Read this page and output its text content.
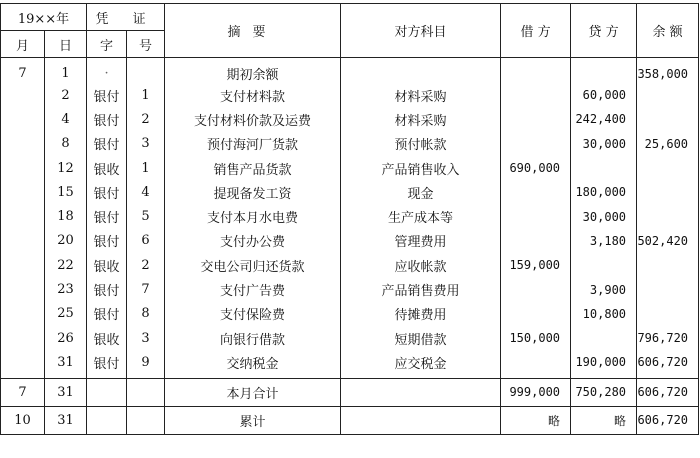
19××年		凭 证		摘要	对方科目	借 方	贷 方	余 额
月	日	字	号					
7	1	·		期初余额				358,000
	2	银付	1	支付材料款	材料采购		60,000	
	4	银付	2	支付材料价款及运费	材料采购		242,400	
	8	银付	3	预付海河厂货款	预付帐款		30,000	25,600
	12	银收	1	销售产品货款	产品销售收入	690,000		
	15	银付	4	提现备发工资	现金		180,000	
	18	银付	5	支付本月水电费	生产成本等		30,000	
	20	银付	6	支付办公费	管理费用		3,180	502,420
	22	银收	2	交电公司归还货款	应收帐款	159,000		
	23	银付	7	支付广告费	产品销售费用		3,900	
	25	银付	8	支付保险费	待摊费用		10,800	
	26	银收	3	向银行借款	短期借款	150,000		796,720
	31	银付	9	交纳税金	应交税金		190,000	606,720
7	31			本月合计		999,000	750,280	606,720
10	31			累计		略	略	606,720
